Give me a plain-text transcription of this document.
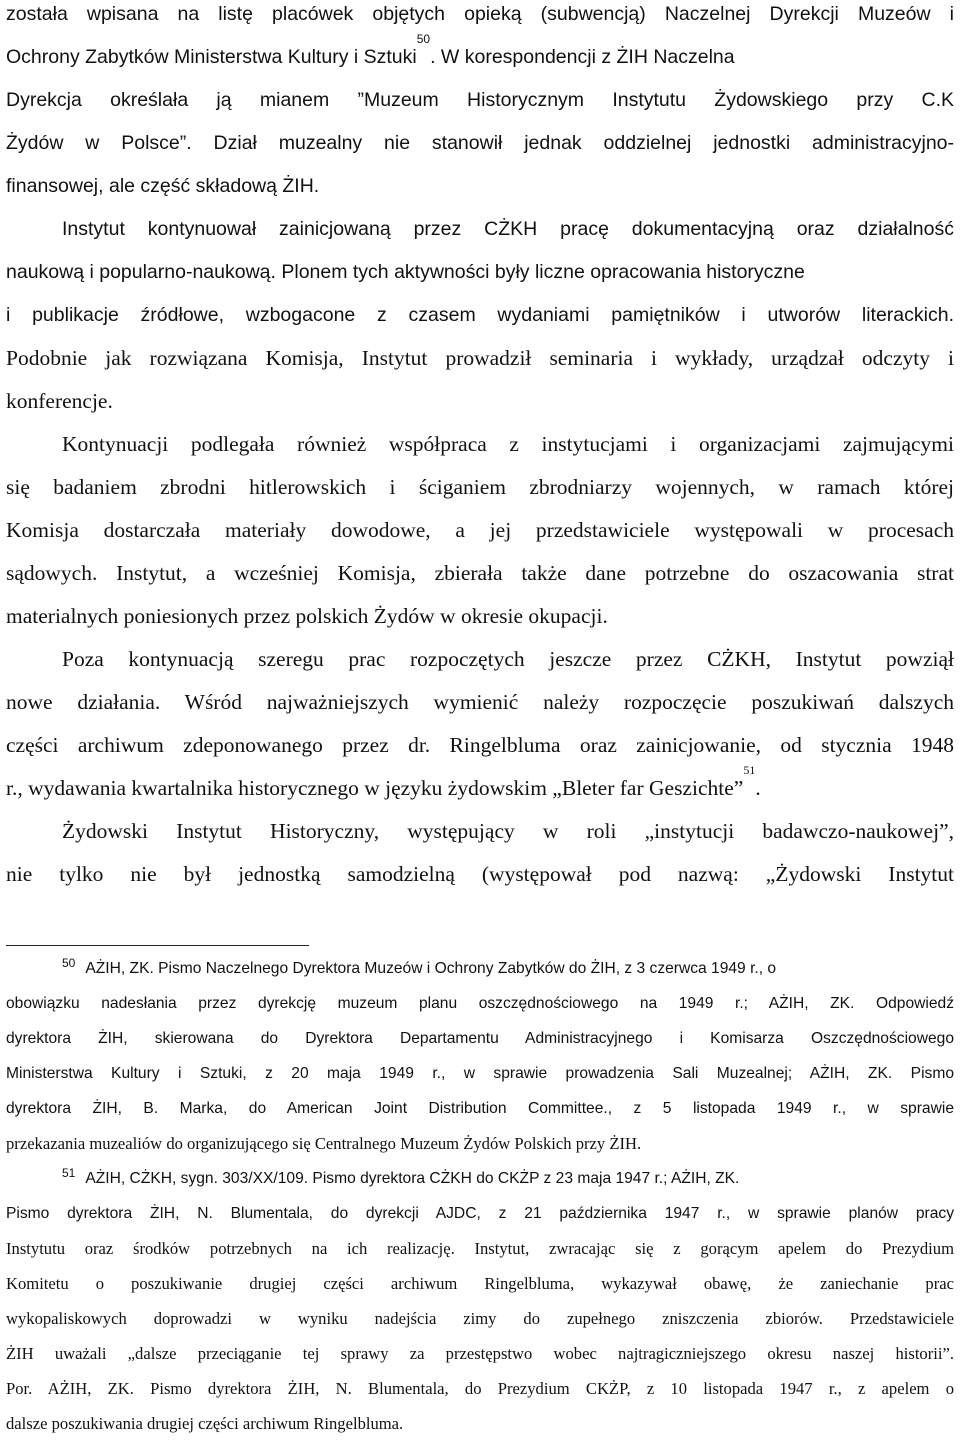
została wpisana na listę placówek objętych opieką (subwencją) Naczelnej Dyrekcji Muzeów i
Ochrony Zabytków Ministerstwa Kultury i Sztuki$^{50}$. W korespondencji z ŻIH Naczelna
Dyrekcja określała ją mianem ”Muzeum Historycznym Instytutu Żydowskiego przy C.K
Żydów w Polsce”. Dział muzealny nie stanowił jednak oddzielnej jednostki administracyjno-
finansowej, ale część składową ŻIH.
Instytut kontynuował zainicjowaną przez CŻKH pracę dokumentacyjną oraz działalność
naukową i popularno-naukową. Plonem tych aktywności były liczne opracowania historyczne
i publikacje źródłowe, wzbogacone z czasem wydaniami pamiętników i utworów literackich.
Podobnie jak rozwiązana Komisja, Instytut prowadził seminaria i wykłady, urządzał odczyty i
konferencje.
Kontynuacji podlegała również współpraca z instytucjami i organizacjami zajmującymi
się badaniem zbrodni hitlerowskich i ściganiem zbrodniarzy wojennych, w ramach której
Komisja dostarczała materiały dowodowe, a jej przedstawiciele występowali w procesach
sądowych. Instytut, a wcześniej Komisja, zbierała także dane potrzebne do oszacowania strat
materialnych poniesionych przez polskich Żydów w okresie okupacji.
Poza kontynuacją szeregu prac rozpoczętych jeszcze przez CŻKH, Instytut powziął
nowe działania. Wśród najważniejszych wymienić należy rozpoczęcie poszukiwań dalszych
części archiwum zdeponowanego przez dr. Ringelbluma oraz zainicjowanie, od stycznia 1948
r., wydawania kwartalnika historycznego w języku żydowskim „Bleter far Geszichte”$^{51}$.
Żydowski Instytut Historyczny, występujący w roli „instytucji badawczo-naukowej”,
nie tylko nie był jednostką samodzielną (występował pod nazwą: „Żydowski Instytut
50 AŻIH, ZK. Pismo Naczelnego Dyrektora Muzeów i Ochrony Zabytków do ŻIH, z 3 czerwca 1949 r., o
obowiązku nadesłania przez dyrekcję muzeum planu oszczędnościowego na 1949 r.; AŻIH, ZK. Odpowiedź
dyrektora ŻIH, skierowana do Dyrektora Departamentu Administracyjnego i Komisarza Oszczędnościowego
Ministerstwa Kultury i Sztuki, z 20 maja 1949 r., w sprawie prowadzenia Sali Muzealnej; AŻIH, ZK. Pismo
dyrektora ŻIH, B. Marka, do American Joint Distribution Committee., z 5 listopada 1949 r., w sprawie
przekazania muzealiów do organizującego się Centralnego Muzeum Żydów Polskich przy ŻIH.
51 AŻIH, CŻKH, sygn. 303/XX/109. Pismo dyrektora CŻKH do CKŻP z 23 maja 1947 r.; AŻIH, ZK.
Pismo dyrektora ŻIH, N. Blumentala, do dyrekcji AJDC, z 21 października 1947 r., w sprawie planów pracy
Instytutu oraz środków potrzebnych na ich realizację. Instytut, zwracając się z gorącym apelem do Prezydium
Komitetu o poszukiwanie drugiej części archiwum Ringelbluma, wykazywał obawę, że zaniechanie prac
wykopaliskowych doprowadzi w wyniku nadejścia zimy do zupełnego zniszczenia zbiorów. Przedstawiciele
ŻIH uważali „dalsze przeciąganie tej sprawy za przestępstwo wobec najtragiczniejszego okresu naszej historii”.
Por. AŻIH, ZK. Pismo dyrektora ŻIH, N. Blumentala, do Prezydium CKŻP, z 10 listopada 1947 r., z apelem o
dalsze poszukiwania drugiej części archiwum Ringelbluma.
